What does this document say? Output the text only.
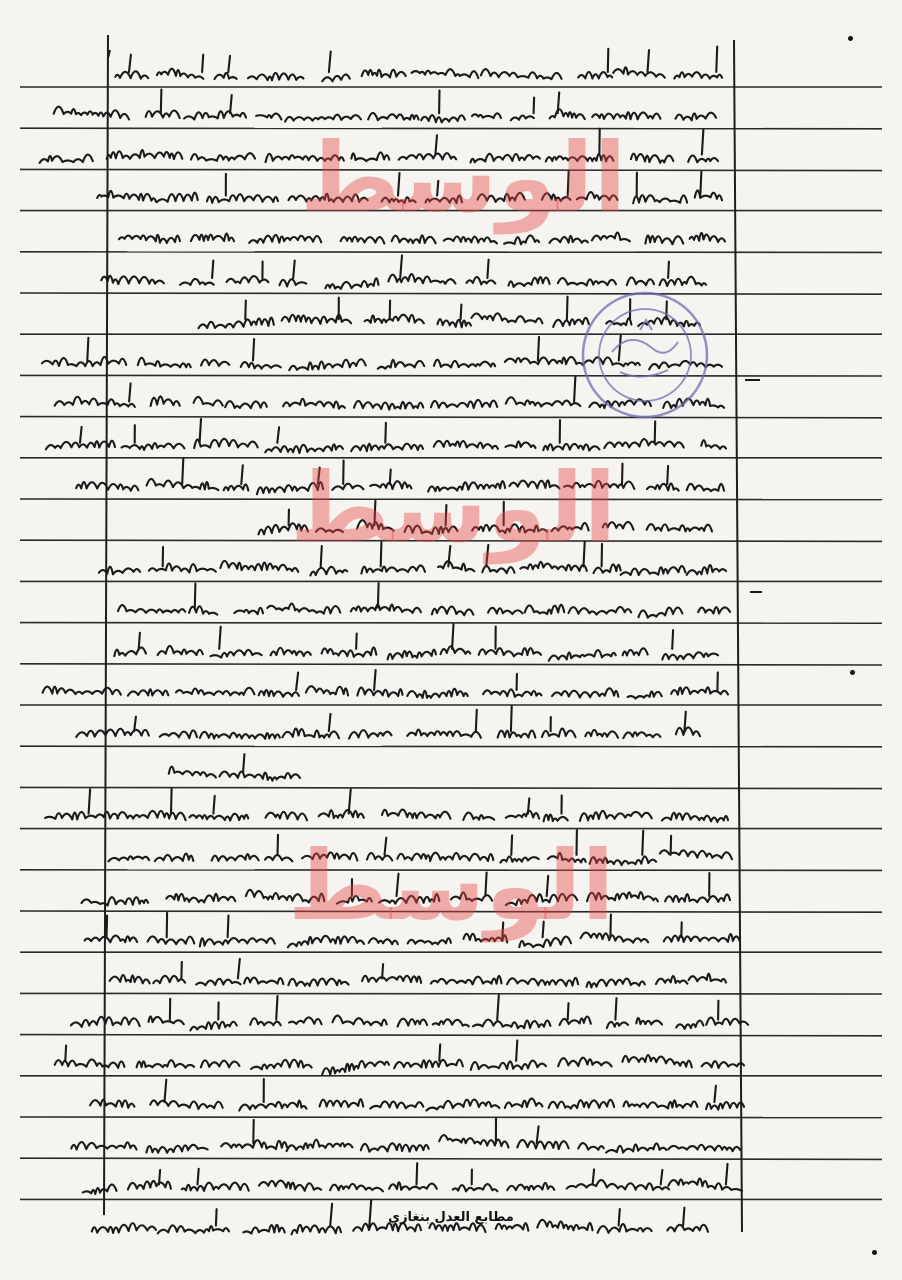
الوسط
الوسط
الوسط
مطابع العدل بنغازي
